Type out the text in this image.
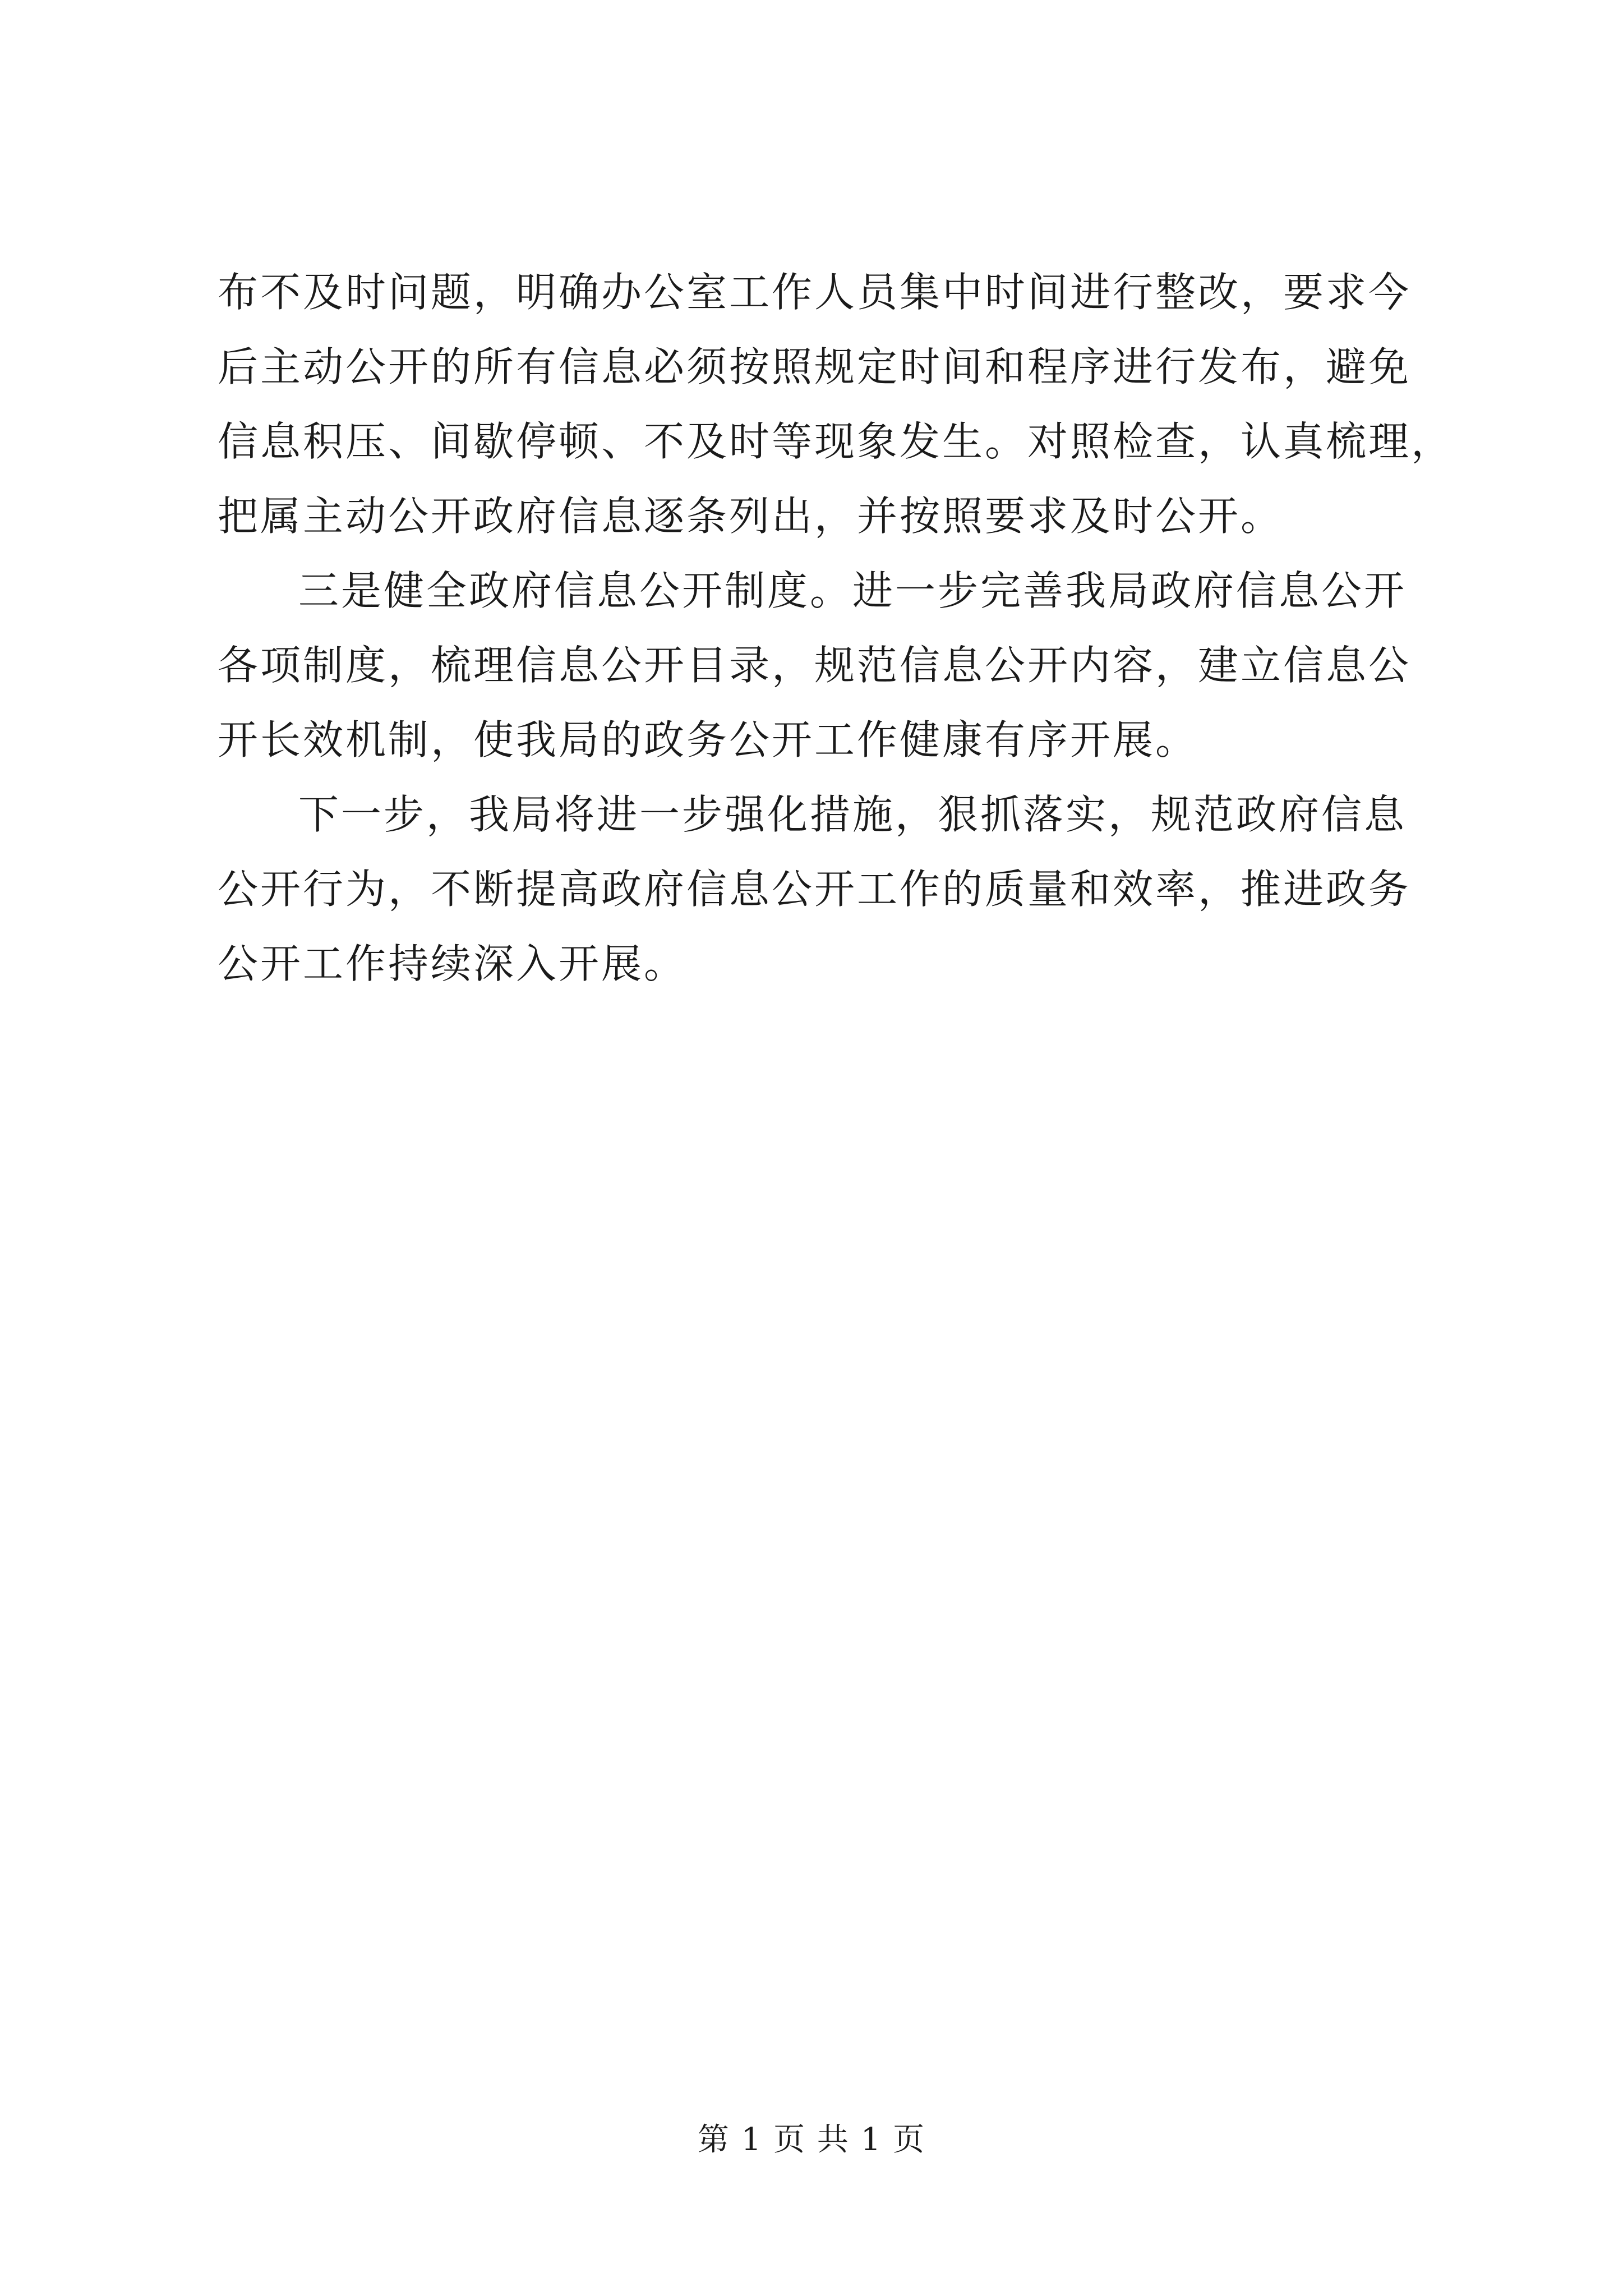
布不及时问题，明确办公室工作人员集中时间进行整改，要求今
后主动公开的所有信息必须按照规定时间和程序进行发布，避免
信息积压、间歇停顿、不及时等现象发生。对照检查，认真梳理，
把属主动公开政府信息逐条列出，并按照要求及时公开。
三是健全政府信息公开制度。进一步完善我局政府信息公开
各项制度，梳理信息公开目录，规范信息公开内容，建立信息公
开长效机制，使我局的政务公开工作健康有序开展。
下一步，我局将进一步强化措施，狠抓落实，规范政府信息
公开行为，不断提高政府信息公开工作的质量和效率，推进政务
公开工作持续深入开展。
第 1 页 共 1 页
